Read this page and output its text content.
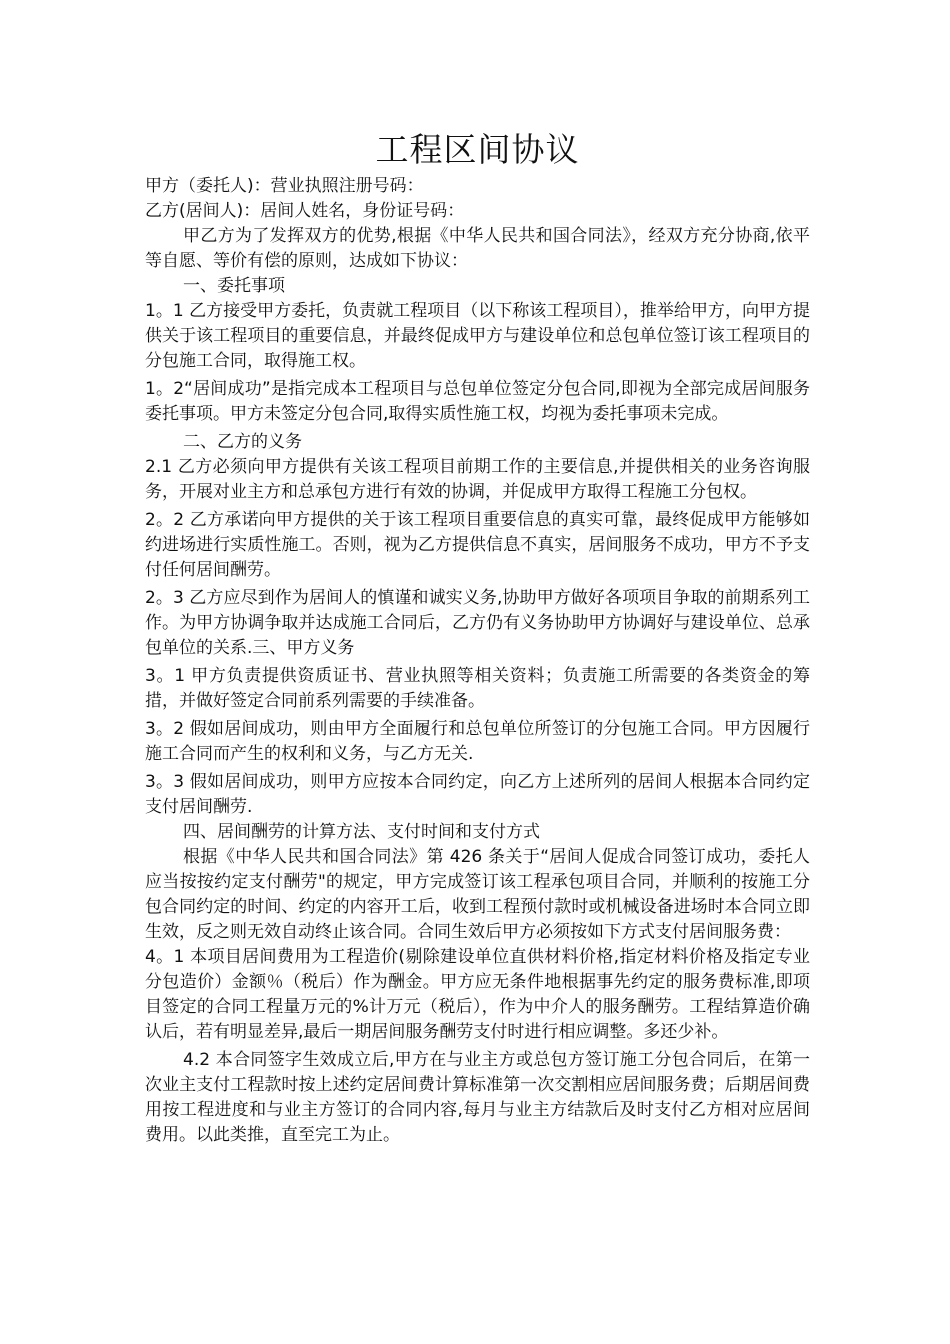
工程区间协议

甲方（委托人)：营业执照注册号码：

乙方(居间人)：居间人姓名，身份证号码：

甲乙方为了发挥双方的优势,根据《中华人民共和国合同法》，经双方充分协商,依平等自愿、等价有偿的原则，达成如下协议：

一、委托事项

1。1 乙方接受甲方委托，负责就工程项目（以下称该工程项目），推举给甲方，向甲方提供关于该工程项目的重要信息，并最终促成甲方与建设单位和总包单位签订该工程项目的分包施工合同，取得施工权。

1。2“居间成功”是指完成本工程项目与总包单位签定分包合同,即视为全部完成居间服务委托事项。甲方未签定分包合同,取得实质性施工权，均视为委托事项未完成。

二、乙方的义务

2.1 乙方必须向甲方提供有关该工程项目前期工作的主要信息,并提供相关的业务咨询服务，开展对业主方和总承包方进行有效的协调，并促成甲方取得工程施工分包权。

2。2 乙方承诺向甲方提供的关于该工程项目重要信息的真实可靠，最终促成甲方能够如约进场进行实质性施工。否则，视为乙方提供信息不真实，居间服务不成功，甲方不予支付任何居间酬劳。

2。3 乙方应尽到作为居间人的慎谨和诚实义务,协助甲方做好各项项目争取的前期系列工作。为甲方协调争取并达成施工合同后，乙方仍有义务协助甲方协调好与建设单位、总承包单位的关系.三、甲方义务

3。1 甲方负责提供资质证书、营业执照等相关资料；负责施工所需要的各类资金的筹措，并做好签定合同前系列需要的手续准备。

3。2 假如居间成功，则由甲方全面履行和总包单位所签订的分包施工合同。甲方因履行施工合同而产生的权利和义务，与乙方无关.

3。3 假如居间成功，则甲方应按本合同约定，向乙方上述所列的居间人根据本合同约定支付居间酬劳.

四、居间酬劳的计算方法、支付时间和支付方式

根据《中华人民共和国合同法》第 426 条关于“居间人促成合同签订成功，委托人应当按按约定支付酬劳"的规定，甲方完成签订该工程承包项目合同，并顺利的按施工分包合同约定的时间、约定的内容开工后，收到工程预付款时或机械设备进场时本合同立即生效，反之则无效自动终止该合同。合同生效后甲方必须按如下方式支付居间服务费：

4。1 本项目居间费用为工程造价(剔除建设单位直供材料价格,指定材料价格及指定专业分包造价）金额％（税后）作为酬金。甲方应无条件地根据事先约定的服务费标准,即项目签定的合同工程量万元的%计万元（税后），作为中介人的服务酬劳。工程结算造价确认后，若有明显差异,最后一期居间服务酬劳支付时进行相应调整。多还少补。

4.2 本合同签字生效成立后,甲方在与业主方或总包方签订施工分包合同后，在第一次业主支付工程款时按上述约定居间费计算标准第一次交割相应居间服务费；后期居间费用按工程进度和与业主方签订的合同内容,每月与业主方结款后及时支付乙方相对应居间费用。以此类推，直至完工为止。
